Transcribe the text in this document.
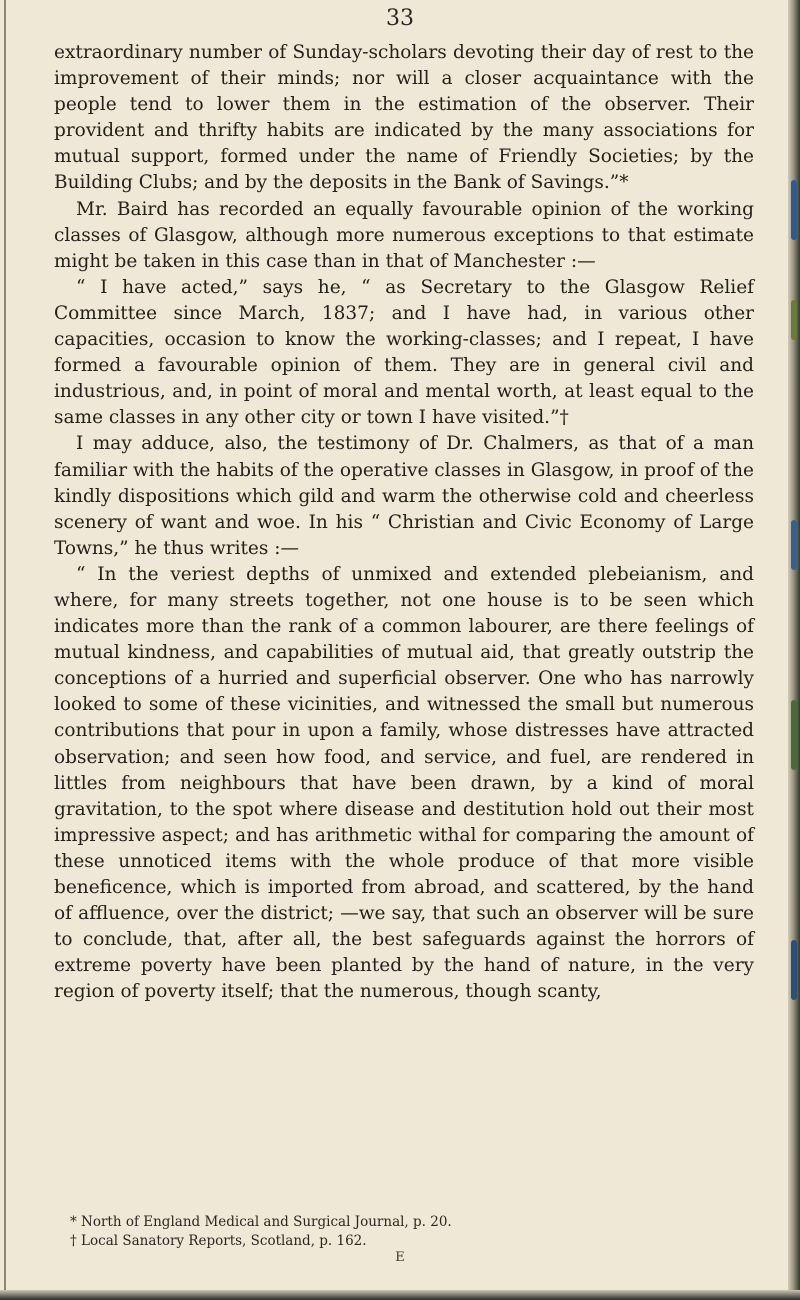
33

extraordinary number of Sunday-scholars devoting their day of rest to the improvement of their minds; nor will a closer acquaintance with the people tend to lower them in the estimation of the observer. Their provident and thrifty habits are indicated by the many associations for mutual support, formed under the name of Friendly Societies; by the Building Clubs; and by the deposits in the Bank of Savings.”*

Mr. Baird has recorded an equally favourable opinion of the working classes of Glasgow, although more numerous exceptions to that estimate might be taken in this case than in that of Manchester :—

“ I have acted,” says he, “ as Secretary to the Glasgow Relief Committee since March, 1837; and I have had, in various other capacities, occasion to know the working-classes; and I repeat, I have formed a favourable opinion of them. They are in general civil and industrious, and, in point of moral and mental worth, at least equal to the same classes in any other city or town I have visited.”†

I may adduce, also, the testimony of Dr. Chalmers, as that of a man familiar with the habits of the operative classes in Glasgow, in proof of the kindly dispositions which gild and warm the otherwise cold and cheerless scenery of want and woe. In his “ Christian and Civic Economy of Large Towns,” he thus writes :—

“ In the veriest depths of unmixed and extended plebeianism, and where, for many streets together, not one house is to be seen which indicates more than the rank of a common labourer, are there feelings of mutual kindness, and capabilities of mutual aid, that greatly outstrip the conceptions of a hurried and superficial observer. One who has narrowly looked to some of these vicinities, and witnessed the small but numerous contributions that pour in upon a family, whose distresses have attracted observation; and seen how food, and service, and fuel, are rendered in littles from neighbours that have been drawn, by a kind of moral gravitation, to the spot where disease and destitution hold out their most impressive aspect; and has arithmetic withal for comparing the amount of these unnoticed items with the whole produce of that more visible beneficence, which is imported from abroad, and scattered, by the hand of affluence, over the district; —we say, that such an observer will be sure to conclude, that, after all, the best safeguards against the horrors of extreme poverty have been planted by the hand of nature, in the very region of poverty itself; that the numerous, though scanty,

* North of England Medical and Surgical Journal, p. 20.

† Local Sanatory Reports, Scotland, p. 162.

E
